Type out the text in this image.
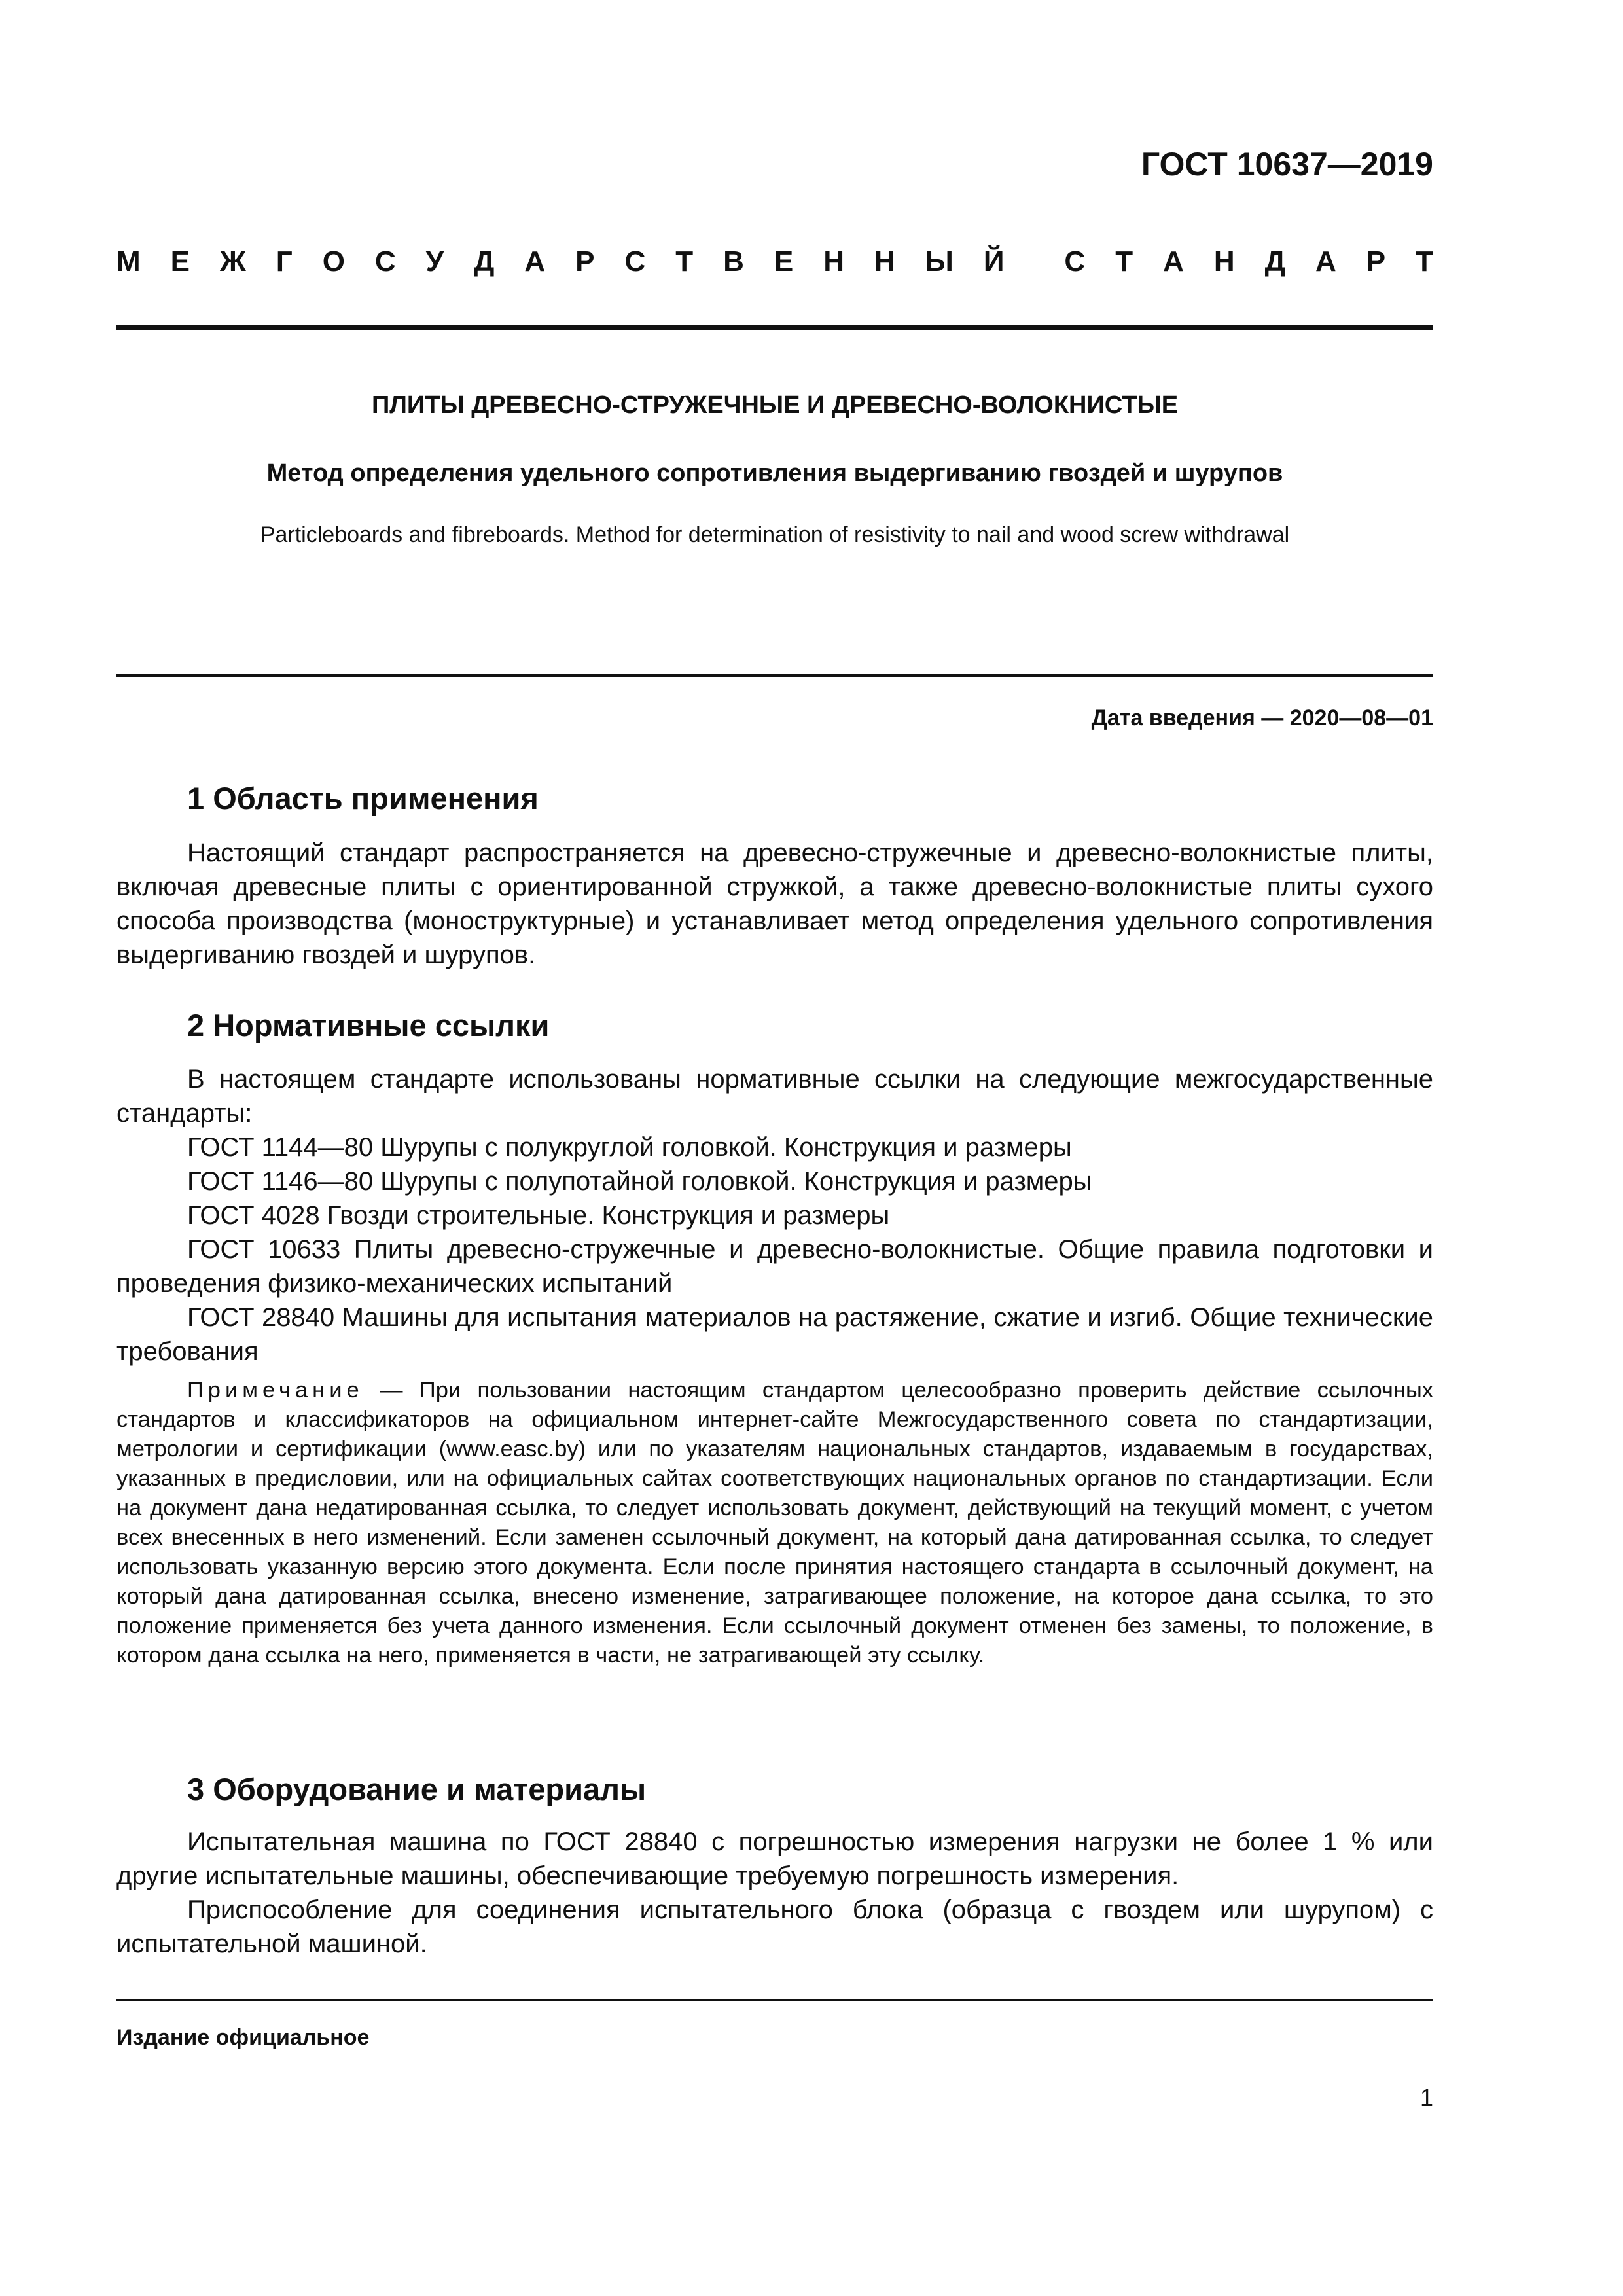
ГОСТ 10637—2019
М Е Ж Г О С У Д А Р С Т В Е Н Н Ы Й С Т А Н Д А Р Т
ПЛИТЫ ДРЕВЕСНО-СТРУЖЕЧНЫЕ И ДРЕВЕСНО-ВОЛОКНИСТЫЕ
Метод определения удельного сопротивления выдергиванию гвоздей и шурупов
Particleboards and fibreboards. Method for determination of resistivity to nail and wood screw withdrawal
Дата введения — 2020—08—01
1 Область применения

Настоящий стандарт распространяется на древесно-стружечные и древесно-волокнистые плиты, включая древесные плиты с ориентированной стружкой, а также древесно-волокнистые плиты сухого способа производства (моноструктурные) и устанавливает метод определения удельного сопротивления выдергиванию гвоздей и шурупов.

2 Нормативные ссылки

В настоящем стандарте использованы нормативные ссылки на следующие межгосударственные стандарты:

ГОСТ 1144—80 Шурупы с полукруглой головкой. Конструкция и размеры

ГОСТ 1146—80 Шурупы с полупотайной головкой. Конструкция и размеры

ГОСТ 4028 Гвозди строительные. Конструкция и размеры

ГОСТ 10633 Плиты древесно-стружечные и древесно-волокнистые. Общие правила подготовки и проведения физико-механических испытаний

ГОСТ 28840 Машины для испытания материалов на растяжение, сжатие и изгиб. Общие технические требования

Примечание — При пользовании настоящим стандартом целесообразно проверить действие ссылочных стандартов и классификаторов на официальном интернет-сайте Межгосударственного совета по стандартизации, метрологии и сертификации (www.easc.by) или по указателям национальных стандартов, издаваемым в государствах, указанных в предисловии, или на официальных сайтах соответствующих национальных органов по стандартизации. Если на документ дана недатированная ссылка, то следует использовать документ, действующий на текущий момент, с учетом всех внесенных в него изменений. Если заменен ссылочный документ, на который дана датированная ссылка, то следует использовать указанную версию этого документа. Если после принятия настоящего стандарта в ссылочный документ, на который дана датированная ссылка, внесено изменение, затрагивающее положение, на которое дана ссылка, то это положение применяется без учета данного изменения. Если ссылочный документ отменен без замены, то положение, в котором дана ссылка на него, применяется в части, не затрагивающей эту ссылку.

3 Оборудование и материалы

Испытательная машина по ГОСТ 28840 с погрешностью измерения нагрузки не более 1 % или другие испытательные машины, обеспечивающие требуемую погрешность измерения.

Приспособление для соединения испытательного блока (образца с гвоздем или шурупом) с испытательной машиной.

Издание официальное
1
